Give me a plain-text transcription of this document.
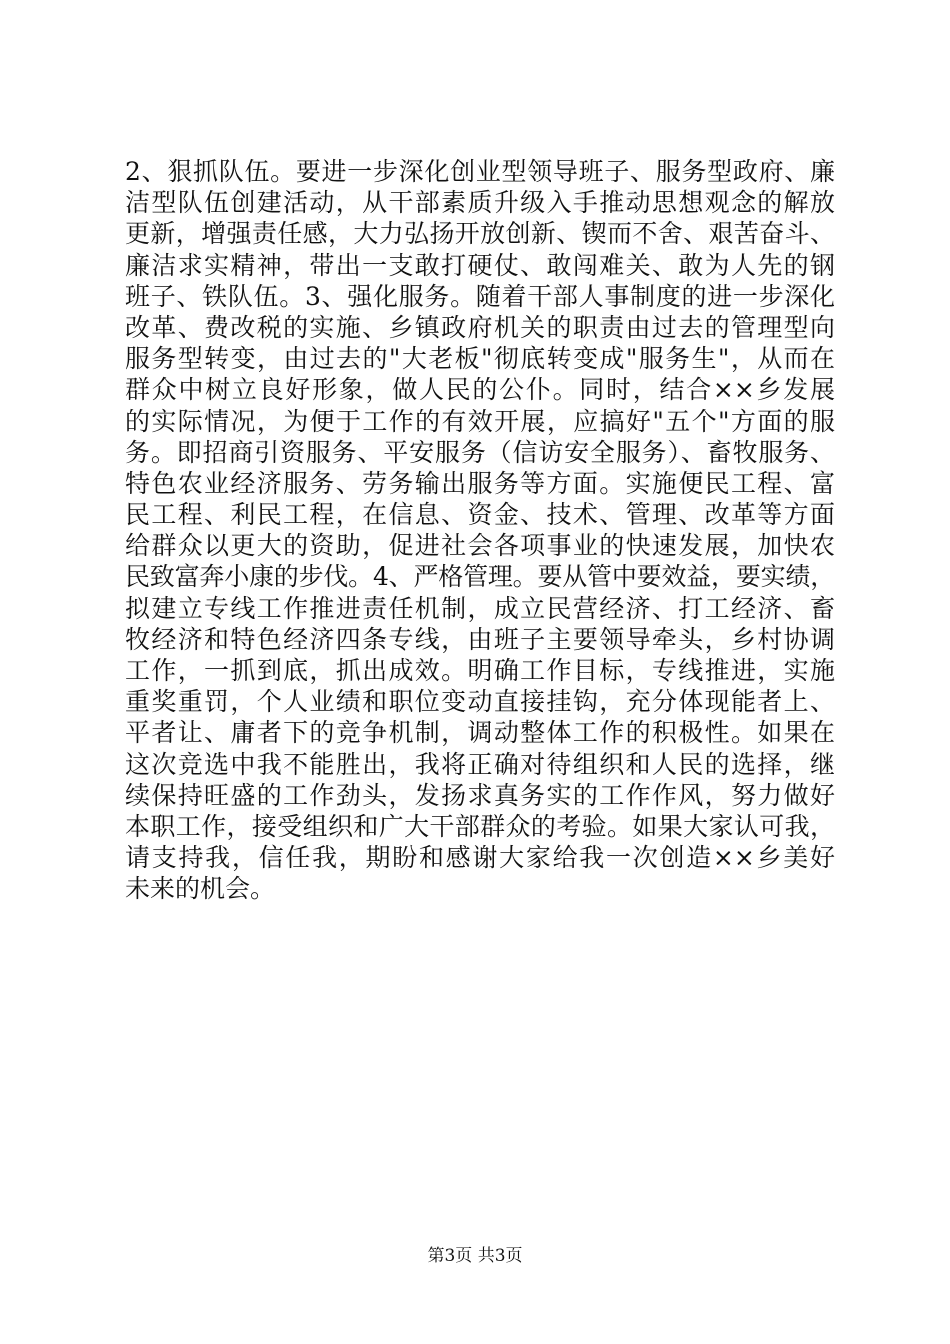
2、狠抓队伍。要进一步深化创业型领导班子、服务型政府、廉
洁型队伍创建活动，从干部素质升级入手推动思想观念的解放
更新，增强责任感，大力弘扬开放创新、锲而不舍、艰苦奋斗、
廉洁求实精神，带出一支敢打硬仗、敢闯难关、敢为人先的钢
班子、铁队伍。3、强化服务。随着干部人事制度的进一步深化
改革、费改税的实施、乡镇政府机关的职责由过去的管理型向
服务型转变，由过去的"大老板"彻底转变成"服务生"，从而在
群众中树立良好形象，做人民的公仆。同时，结合××乡发展
的实际情况，为便于工作的有效开展，应搞好"五个"方面的服
务。即招商引资服务、平安服务（信访安全服务）、畜牧服务、
特色农业经济服务、劳务输出服务等方面。实施便民工程、富
民工程、利民工程，在信息、资金、技术、管理、改革等方面
给群众以更大的资助，促进社会各项事业的快速发展，加快农
民致富奔小康的步伐。4、严格管理。要从管中要效益，要实绩，
拟建立专线工作推进责任机制，成立民营经济、打工经济、畜
牧经济和特色经济四条专线，由班子主要领导牵头，乡村协调
工作，一抓到底，抓出成效。明确工作目标，专线推进，实施
重奖重罚，个人业绩和职位变动直接挂钩，充分体现能者上、
平者让、庸者下的竞争机制，调动整体工作的积极性。如果在
这次竞选中我不能胜出，我将正确对待组织和人民的选择，继
续保持旺盛的工作劲头，发扬求真务实的工作作风，努力做好
本职工作，接受组织和广大干部群众的考验。如果大家认可我，
请支持我，信任我，期盼和感谢大家给我一次创造××乡美好
未来的机会。
第3页 共3页
